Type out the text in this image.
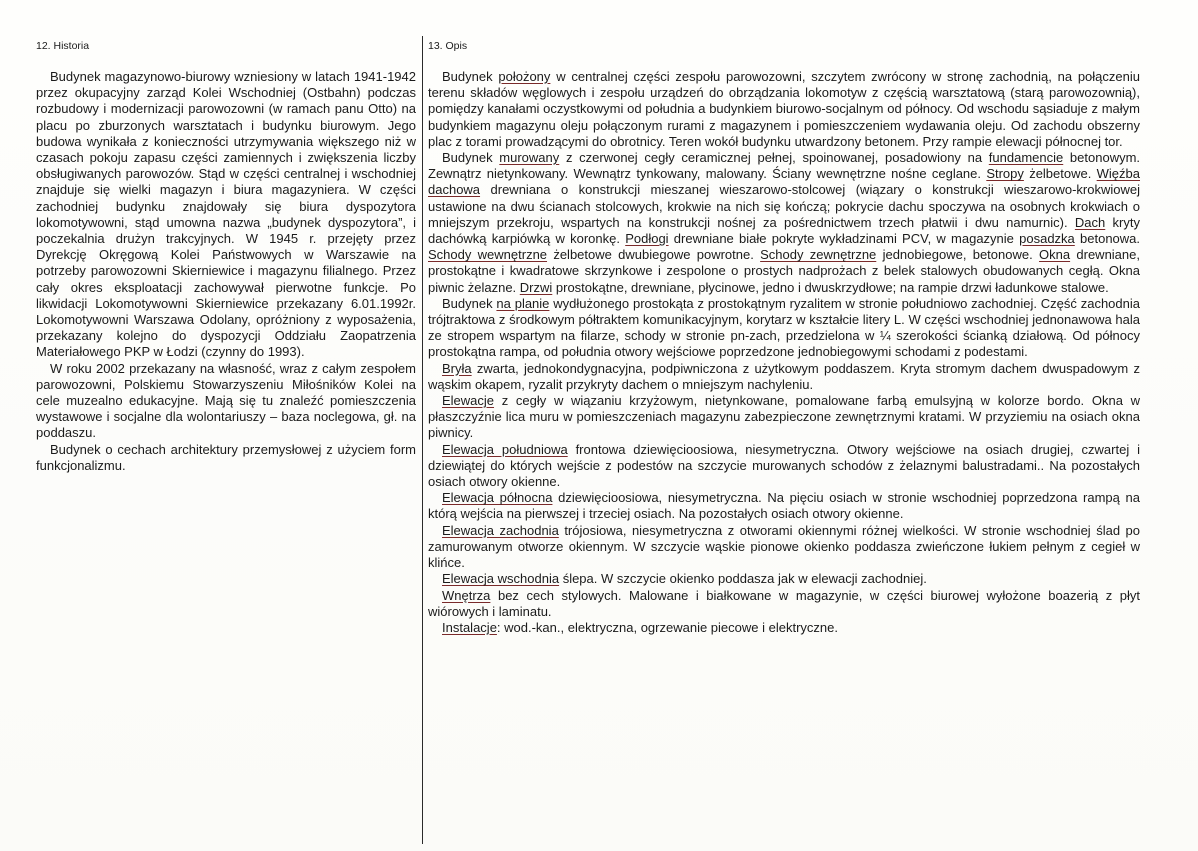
12. Historia	13. Opis

Budynek magazynowo-biurowy wzniesiony w latach 1941-1942 przez okupacyjny zarząd Kolei Wschodniej (Ostbahn) podczas rozbudowy i modernizacji parowozowni (w ramach panu Otto) na placu po zburzonych warsztatach i budynku biurowym. Jego budowa wynikała z konieczności utrzymywania większego niż w czasach pokoju zapasu części zamiennych i zwiększenia liczby obsługiwanych parowozów. Stąd w części centralnej i wschodniej znajduje się wielki magazyn i biura magazyniera. W części zachodniej budynku znajdowały się biura dyspozytora lokomotywowni, stąd umowna nazwa „budynek dyspozytora”, i poczekalnia drużyn trakcyjnych. W 1945 r. przejęty przez Dyrekcję Okręgową Kolei Państwowych w Warszawie na potrzeby parowozowni Skierniewice i magazynu filialnego. Przez cały okres eksploatacji zachowywał pierwotne funkcje. Po likwidacji Lokomotywowni Skierniewice przekazany 6.01.1992r. Lokomotywowni Warszawa Odolany, opróżniony z wyposażenia, przekazany kolejno do dyspozycji Oddziału Zaopatrzenia Materiałowego PKP w Łodzi (czynny do 1993).

W roku 2002 przekazany na własność, wraz z całym zespołem parowozowni, Polskiemu Stowarzyszeniu Miłośników Kolei na cele muzealno edukacyjne. Mają się tu znaleźć pomieszczenia wystawowe i socjalne dla wolontariuszy – baza noclegowa, gł. na poddaszu.

Budynek o cechach architektury przemysłowej z użyciem form funkcjonalizmu.

Budynek położony w centralnej części zespołu parowozowni, szczytem zwrócony w stronę zachodnią, na połączeniu terenu składów węglowych i zespołu urządzeń do obrządzania lokomotyw z częścią warsztatową (starą parowozownią), pomiędzy kanałami oczystkowymi od południa a budynkiem biurowo-socjalnym od północy. Od wschodu sąsiaduje z małym budynkiem magazynu oleju połączonym rurami z magazynem i pomieszczeniem wydawania oleju. Od zachodu obszerny plac z torami prowadzącymi do obrotnicy. Teren wokół budynku utwardzony betonem. Przy rampie elewacji północnej tor.

Budynek murowany z czerwonej cegły ceramicznej pełnej, spoinowanej, posadowiony na fundamencie betonowym. Zewnątrz nietynkowany. Wewnątrz tynkowany, malowany. Ściany wewnętrzne nośne ceglane. Stropy żelbetowe. Więźba dachowa drewniana o konstrukcji mieszanej wieszarowo-stolcowej (wiązary o konstrukcji wieszarowo-krokwiowej ustawione na dwu ścianach stolcowych, krokwie na nich się kończą; pokrycie dachu spoczywa na osobnych krokwiach o mniejszym przekroju, wspartych na konstrukcji nośnej za pośrednictwem trzech płatwii i dwu namurnic). Dach kryty dachówką karpiówką w koronkę. Podłogi drewniane białe pokryte wykładzinami PCV, w magazynie posadzka betonowa. Schody wewnętrzne żelbetowe dwubiegowe powrotne. Schody zewnętrzne jednobiegowe, betonowe. Okna drewniane, prostokątne i kwadratowe skrzynkowe i zespolone o prostych nadprożach z belek stalowych obudowanych cegłą. Okna piwnic żelazne. Drzwi prostokątne, drewniane, płycinowe, jedno i dwuskrzydłowe; na rampie drzwi ładunkowe stalowe.

Budynek na planie wydłużonego prostokąta z prostokątnym ryzalitem w stronie południowo zachodniej. Część zachodnia trójtraktowa z środkowym półtraktem komunikacyjnym, korytarz w kształcie litery L. W części wschodniej jednonawowa hala ze stropem wspartym na filarze, schody w stronie pn-zach, przedzielona w ¼ szerokości ścianką działową. Od północy prostokątna rampa, od południa otwory wejściowe poprzedzone jednobiegowymi schodami z podestami.

Bryła zwarta, jednokondygnacyjna, podpiwniczona z użytkowym poddaszem. Kryta stromym dachem dwuspadowym z wąskim okapem, ryzalit przykryty dachem o mniejszym nachyleniu.

Elewacje z cegły w wiązaniu krzyżowym, nietynkowane, pomalowane farbą emulsyjną w kolorze bordo. Okna w płaszczyźnie lica muru w pomieszczeniach magazynu zabezpieczone zewnętrznymi kratami. W przyziemiu na osiach okna piwnicy.

Elewacja południowa frontowa dziewięcioosiowa, niesymetryczna. Otwory wejściowe na osiach drugiej, czwartej i dziewiątej do których wejście z podestów na szczycie murowanych schodów z żelaznymi balustradami.. Na pozostałych osiach otwory okienne.

Elewacja północna dziewięcioosiowa, niesymetryczna. Na pięciu osiach w stronie wschodniej poprzedzona rampą na którą wejścia na pierwszej i trzeciej osiach. Na pozostałych osiach otwory okienne.

Elewacja zachodnia trójosiowa, niesymetryczna z otworami okiennymi różnej wielkości. W stronie wschodniej ślad po zamurowanym otworze okiennym. W szczycie wąskie pionowe okienko poddasza zwieńczone łukiem pełnym z cegieł w klińce.

Elewacja wschodnia ślepa. W szczycie okienko poddasza jak w elewacji zachodniej.

Wnętrza bez cech stylowych. Malowane i białkowane w magazynie, w części biurowej wyłożone boazerią z płyt wiórowych i laminatu.

Instalacje: wod.-kan., elektryczna, ogrzewanie piecowe i elektryczne.
